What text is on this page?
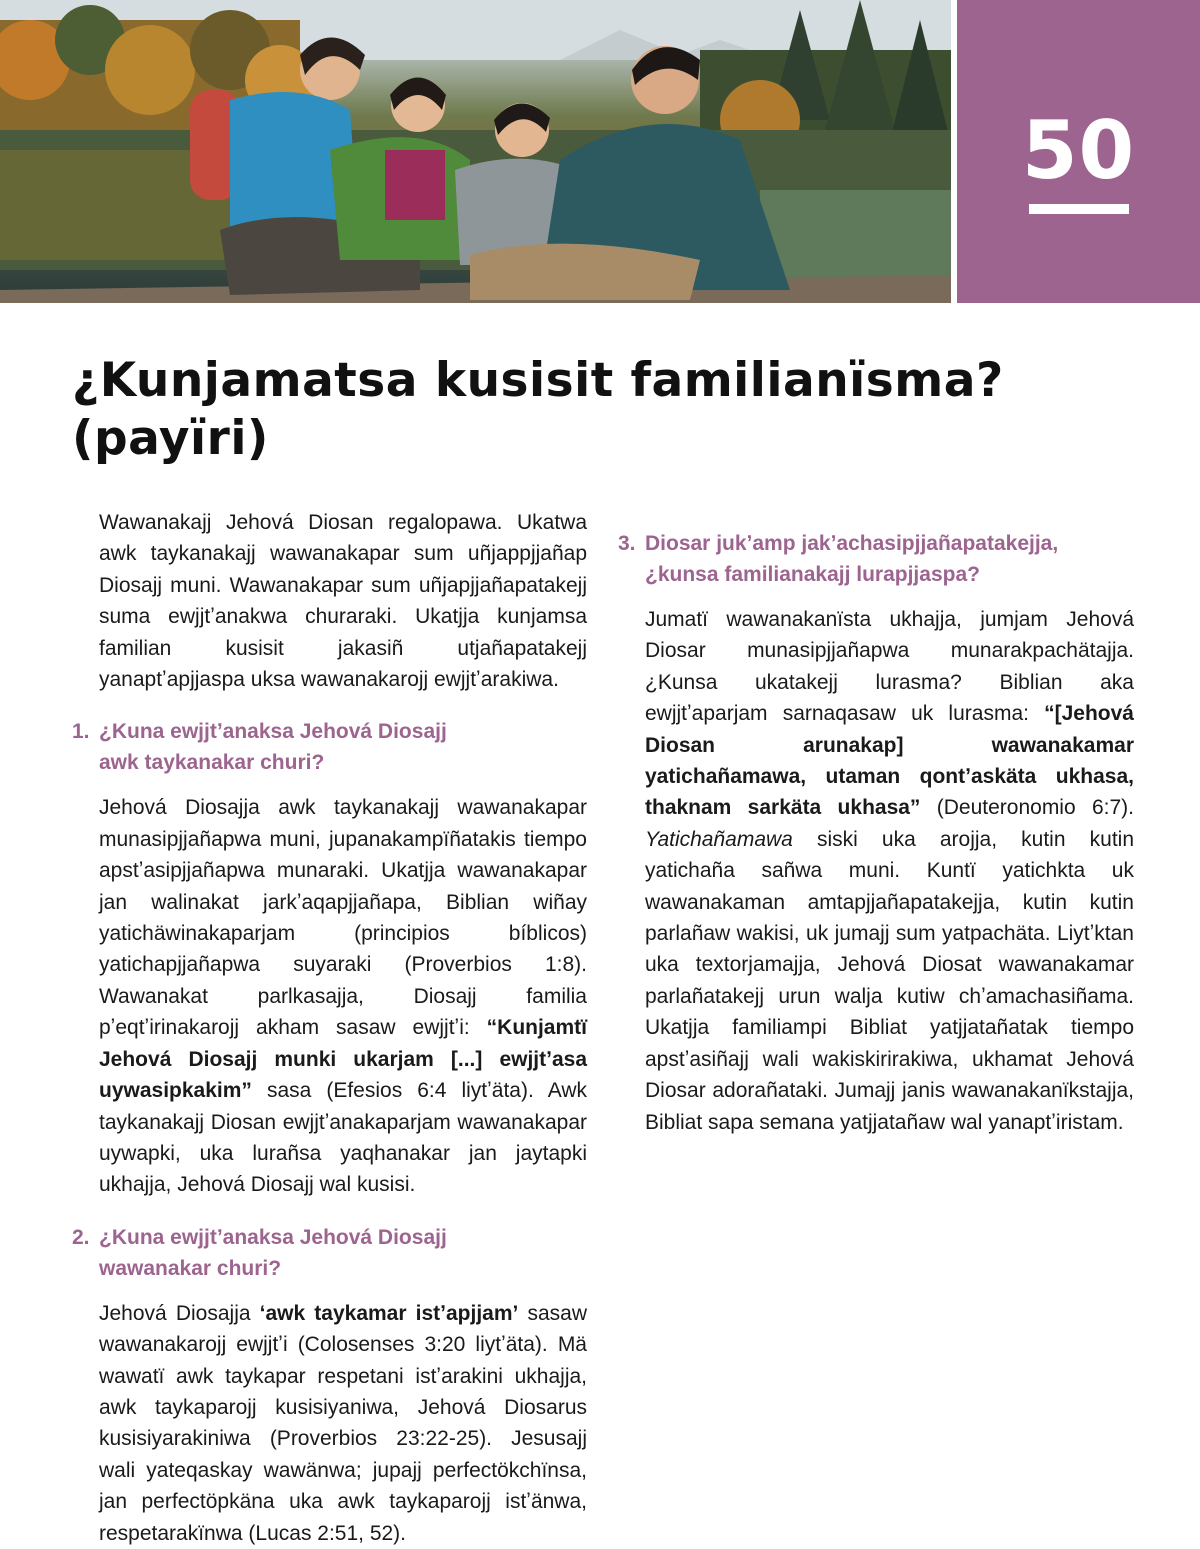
50
¿Kunjamatsa kusisit familianïsma?
(payïri)

Wawanakajj Jehová Diosan regalopawa. Ukatwa awk taykanakajj wawanakapar sum uñjappjjañap Diosajj muni. Wawanakapar sum uñjapjjañapatakejj suma ewjjtʼanakwa churaraki. Ukatjja kunjamsa familian kusisit jakasiñ utjañapatakejj yanaptʼapjjaspa uksa wawanakarojj ewjjtʼarakiwa.

1. ¿Kuna ewjjtʼanaksa Jehová Diosajj
awk taykanakar churi?

Jehová Diosajja awk taykanakajj wawanakapar munasipjjañapwa muni, jupanakampïñatakis tiempo apstʼasipjjañapwa munaraki. Ukatjja wawanakapar jan walinakat jarkʼaqapjjañapa, Biblian wiñay yatichäwinakaparjam (principios bíblicos) yatichapjjañapwa suyaraki (Proverbios 1:8). Wawanakat parlkasajja, Diosajj familia pʼeqtʼirinakarojj akham sasaw ewjjtʼi: “Kunjamtï Jehová Diosajj munki ukarjam [...] ewjjtʼasa uywasipkakim” sasa (Efesios 6:4 liytʼäta). Awk taykanakajj Diosan ewjjtʼanakaparjam wawanakapar uywapki, uka lurañsa yaqhanakar jan jaytapki ukhajja, Jehová Diosajj wal kusisi.

2. ¿Kuna ewjjtʼanaksa Jehová Diosajj
wawanakar churi?

Jehová Diosajja ‘awk taykamar istʼapjjam’ sasaw wawanakarojj ewjjtʼi (Colosenses 3:20 liytʼäta). Mä wawatï awk taykapar respetani istʼarakini ukhajja, awk taykaparojj kusisiyaniwa, Jehová Diosarus kusisiyarakiniwa (Proverbios 23:22-25). Jesusajj wali yateqaskay wawänwa; jupajj perfectökchïnsa, jan perfectöpkäna uka awk taykaparojj istʼänwa, respetarakïnwa (Lucas 2:51, 52).

3. Diosar jukʼamp jakʼachasipjjañapatakejja,
¿kunsa familianakajj lurapjjaspa?

Jumatï wawanakanïsta ukhajja, jumjam Jehová Diosar munasipjjañapwa munarakpachätajja. ¿Kunsa ukatakejj lurasma? Biblian aka ewjjtʼaparjam sarnaqasaw uk lurasma: “[Jehová Diosan arunakap] wawanakamar yatichañamawa, utaman qontʼaskäta ukhasa, thaknam sarkäta ukhasa” (Deuteronomio 6:7). Yatichañamawa siski uka arojja, kutin kutin yatichaña sañwa muni. Kuntï yatichkta uk wawanakaman amtapjjañapatakejja, kutin kutin parlañaw wakisi, uk jumajj sum yatpachäta. Liytʼktan uka textorjamajja, Jehová Diosat wawanakamar parlañatakejj urun walja kutiw chʼamachasiñama. Ukatjja familiampi Bibliat yatjjatañatak tiempo apstʼasiñajj wali wakiskirirakiwa, ukhamat Jehová Diosar adorañataki. Jumajj janis wawanakanïkstajja, Bibliat sapa semana yatjjatañaw wal yanaptʼiristam.
